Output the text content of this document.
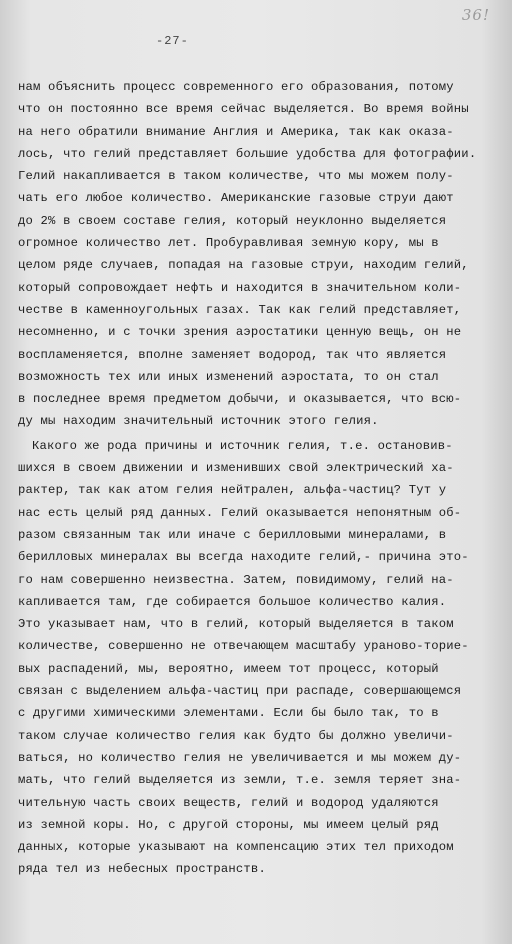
36!
-27-
нам объяснить процесс современного его образования, потому
что он постоянно все время сейчас выделяется. Во время войны
на него обратили внимание Англия и Америка, так как оказа-
лось, что гелий представляет большие удобства для фотографии.
Гелий накапливается в таком количестве, что мы можем полу-
чать его любое количество. Американские газовые струи дают
до 2% в своем составе гелия, который неуклонно выделяется
огромное количество лет. Пробуравливая земную кору, мы в
целом ряде случаев, попадая на газовые струи, находим гелий,
который сопровождает нефть и находится в значительном коли-
честве в каменноугольных газах. Так как гелий представляет,
несомненно, и с точки зрения аэростатики ценную вещь, он не
воспламеняется, вполне заменяет водород, так что является
возможность тех или иных изменений аэростата, то он стал
в последнее время предметом добычи, и оказывается, что всю-
ду мы находим значительный источник этого гелия.
Какого же рода причины и источник гелия, т.е. остановив-
шихся в своем движении и изменивших свой электрический ха-
рактер, так как атом гелия нейтрален, альфа-частиц? Тут у
нас есть целый ряд данных. Гелий оказывается непонятным об-
разом связанным так или иначе с берилловыми минералами, в
берилловых минералах вы всегда находите гелий,- причина это-
го нам совершенно неизвестна. Затем, повидимому, гелий на-
капливается там, где собирается большое количество калия.
Это указывает нам, что в гелий, который выделяется в таком
количестве, совершенно не отвечающем масштабу ураново-ториe-
вых распадений, мы, вероятно, имеем тот процесс, который
связан с выделением альфа-частиц при распаде, совершающемся
с другими химическими элементами. Если бы было так, то в
таком случае количество гелия как будто бы должно увеличи-
ваться, но количество гелия не увеличивается и мы можем ду-
мать, что гелий выделяется из земли, т.е. земля теряет зна-
чительную часть своих веществ, гелий и водород удаляются
из земной коры. Но, с другой стороны, мы имеем целый ряд
данных, которые указывают на компенсацию этих тел приходом
ряда тел из небесных пространств.
